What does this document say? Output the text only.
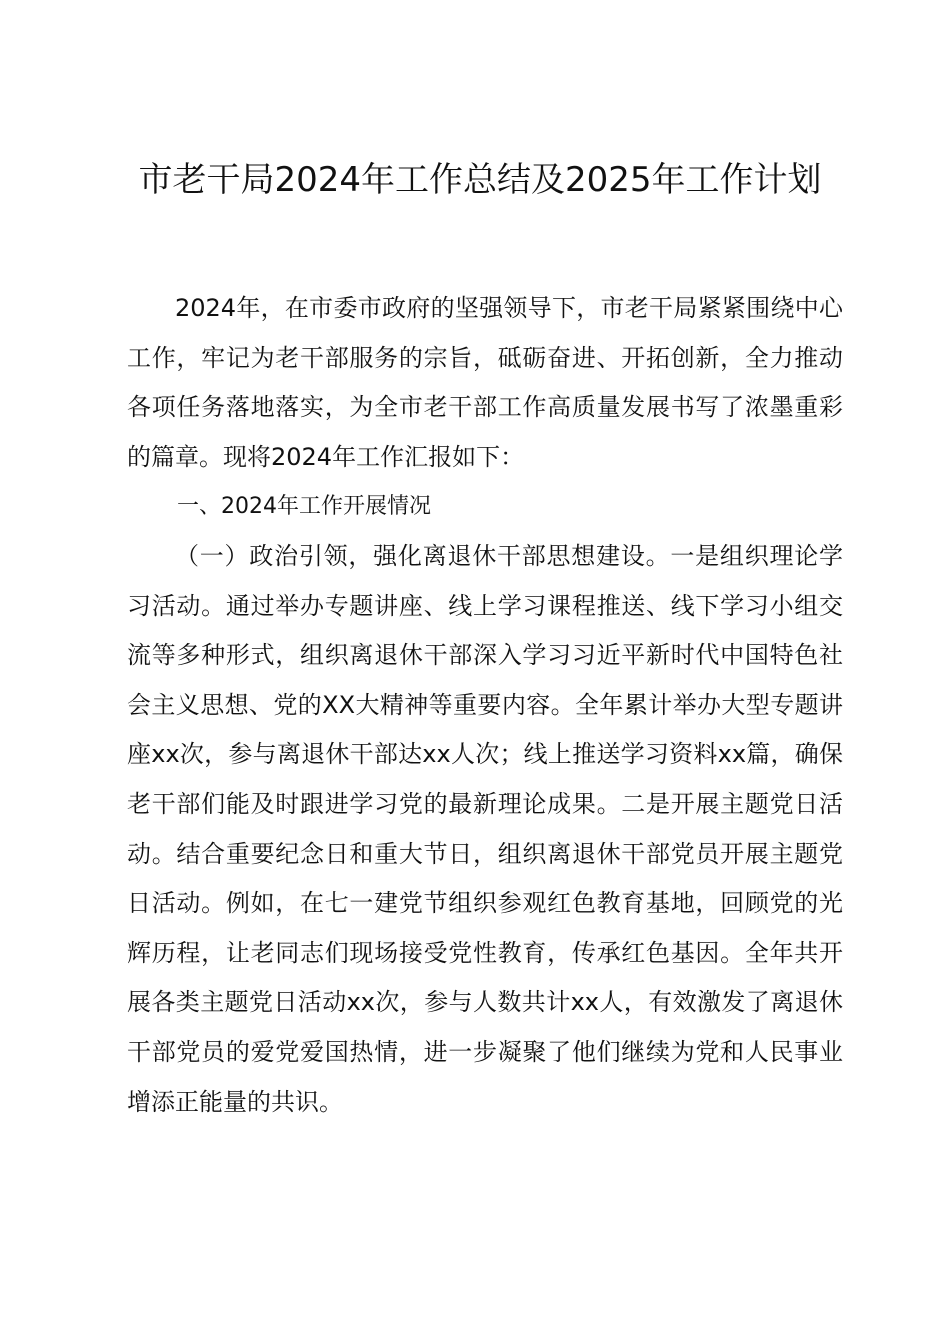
市老干局2024年工作总结及2025年工作计划

2024年，在市委市政府的坚强领导下，市老干局紧紧围绕中心工作，牢记为老干部服务的宗旨，砥砺奋进、开拓创新，全力推动各项任务落地落实，为全市老干部工作高质量发展书写了浓墨重彩的篇章。现将2024年工作汇报如下：

一、2024年工作开展情况

（一）政治引领，强化离退休干部思想建设。一是组织理论学习活动。通过举办专题讲座、线上学习课程推送、线下学习小组交流等多种形式，组织离退休干部深入学习习近平新时代中国特色社会主义思想、党的XX大精神等重要内容。全年累计举办大型专题讲座xx次，参与离退休干部达xx人次；线上推送学习资料xx篇，确保老干部们能及时跟进学习党的最新理论成果。二是开展主题党日活动。结合重要纪念日和重大节日，组织离退休干部党员开展主题党日活动。例如，在七一建党节组织参观红色教育基地，回顾党的光辉历程，让老同志们现场接受党性教育，传承红色基因。全年共开展各类主题党日活动xx次，参与人数共计xx人，有效激发了离退休干部党员的爱党爱国热情，进一步凝聚了他们继续为党和人民事业增添正能量的共识。
